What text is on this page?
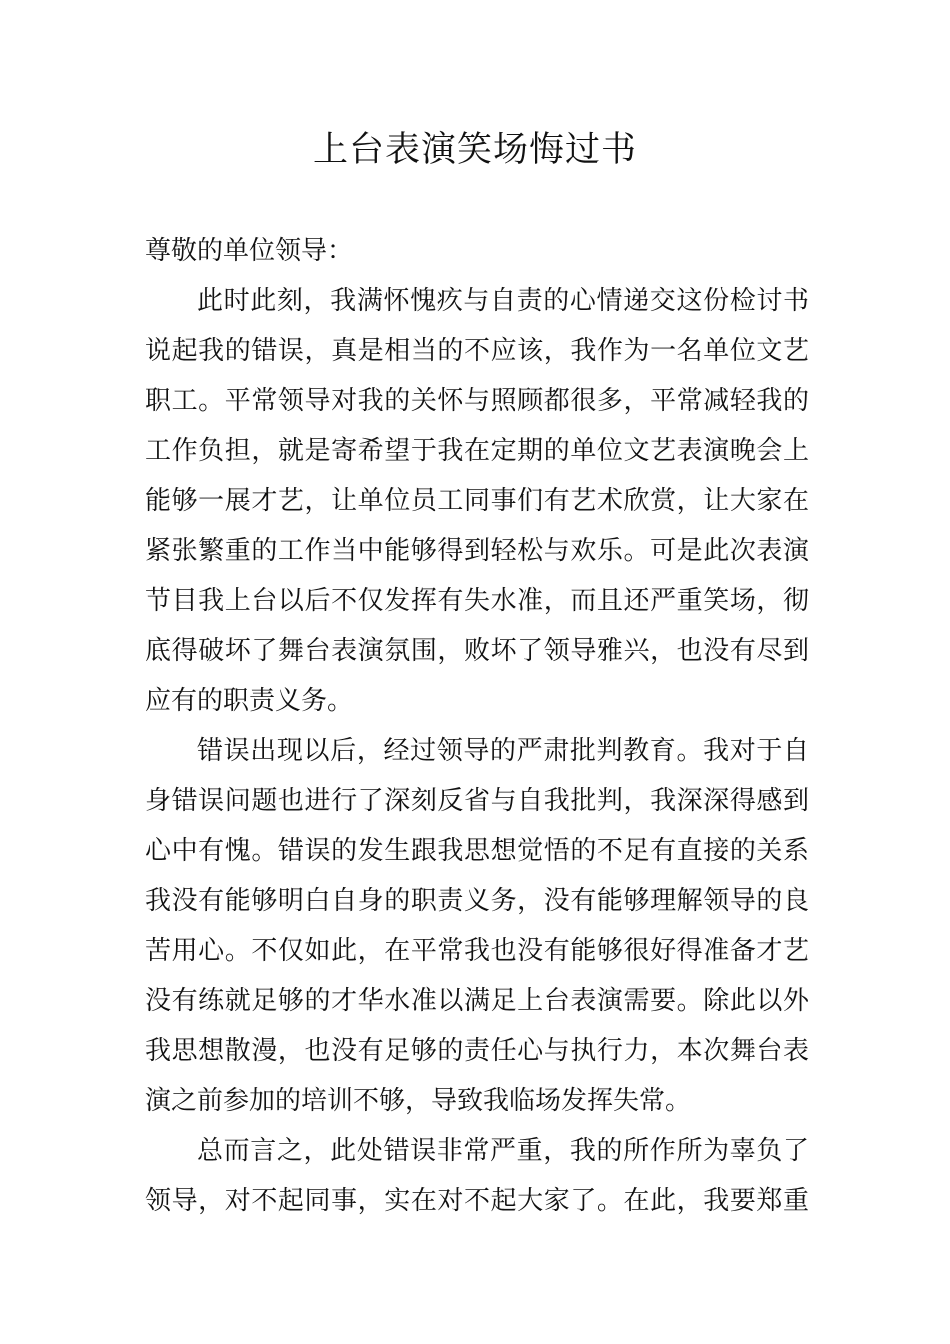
上台表演笑场悔过书
尊敬的单位领导：
此时此刻，我满怀愧疚与自责的心情递交这份检讨书
说起我的错误，真是相当的不应该，我作为一名单位文艺
职工。平常领导对我的关怀与照顾都很多，平常减轻我的
工作负担，就是寄希望于我在定期的单位文艺表演晚会上
能够一展才艺，让单位员工同事们有艺术欣赏，让大家在
紧张繁重的工作当中能够得到轻松与欢乐。可是此次表演
节目我上台以后不仅发挥有失水准，而且还严重笑场，彻
底得破坏了舞台表演氛围，败坏了领导雅兴，也没有尽到
应有的职责义务。
错误出现以后，经过领导的严肃批判教育。我对于自
身错误问题也进行了深刻反省与自我批判，我深深得感到
心中有愧。错误的发生跟我思想觉悟的不足有直接的关系
我没有能够明白自身的职责义务，没有能够理解领导的良
苦用心。不仅如此，在平常我也没有能够很好得准备才艺
没有练就足够的才华水准以满足上台表演需要。除此以外
我思想散漫，也没有足够的责任心与执行力，本次舞台表
演之前参加的培训不够，导致我临场发挥失常。
总而言之，此处错误非常严重，我的所作所为辜负了
领导，对不起同事，实在对不起大家了。在此，我要郑重
